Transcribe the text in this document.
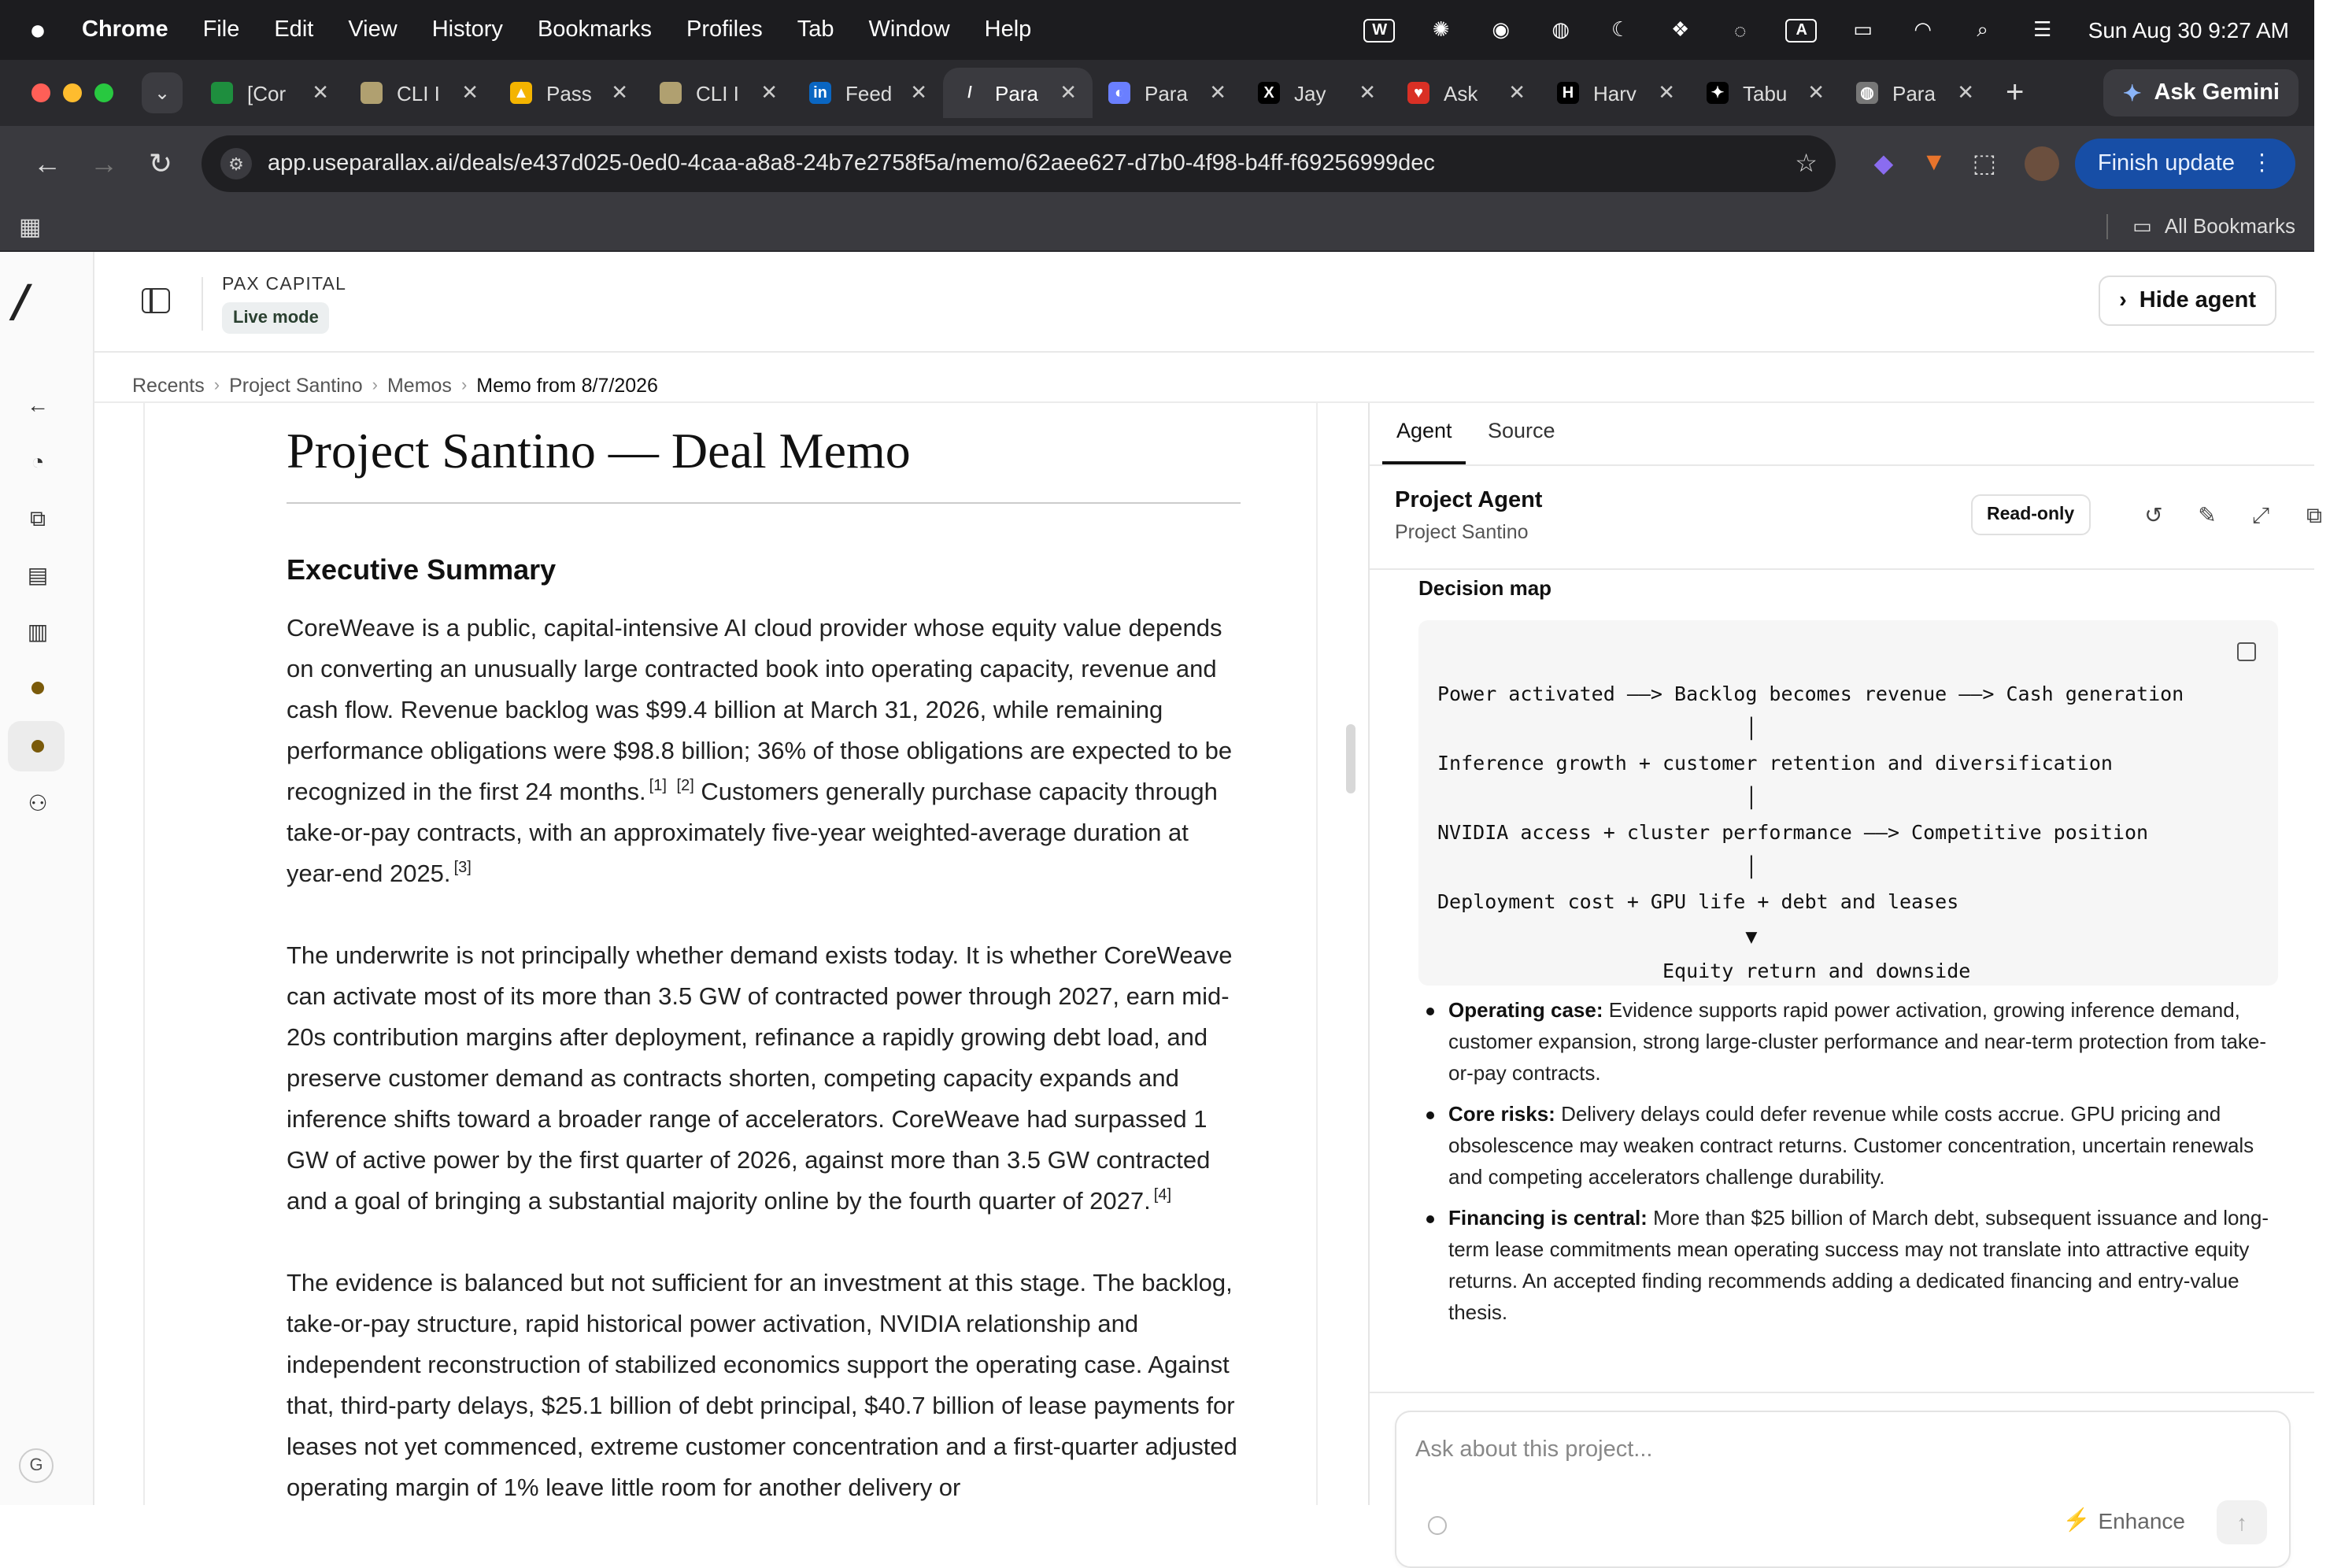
●	Chrome	File	Edit	View	History	Bookmarks	Profiles	Tab	Window	Help	W	✺	◉	◍	☾	❖	◌	A	▭	◠	⌕	☰	Sun Aug 30 9:27 AM
⌄	[Cor	✕	CLI I	✕	▲	Pass	✕	CLI I	✕	in	Feed	✕	/	Para	✕	◐	Para	✕	X	Jay	✕	♥	Ask	✕	H	Harv	✕	✦	Tabu	✕	◍	Para	✕ +	✦ Ask Gemini
←	→	↻	⚙	app.useparallax.ai/deals/e437d025-0ed0-4caa-a8a8-24b7e2758f5a/memo/62aee627-d7b0-4f98-b4ff-f69256999dec	☆	◆	▼	⬚	Finish update ⋮
▦	▭ All Bookmarks
/
←
◔
⧉
▤
▥
⚇
G
PAX CAPITAL
Live mode
› Hide agent
Recents › Project Santino › Memos › Memo from 8/7/2026
Project Santino — Deal Memo
Executive Summary

CoreWeave is a public, capital-intensive AI cloud provider whose equity value depends on converting an unusually large contracted book into operating capacity, revenue and cash flow. Revenue backlog was $99.4 billion at March 31, 2026, while remaining performance obligations were $98.8 billion; 36% of those obligations are expected to be recognized in the first 24 months. [1] [2] Customers generally purchase capacity through take-or-pay contracts, with an approximately five-year weighted-average duration at year-end 2025. [3]

The underwrite is not principally whether demand exists today. It is whether CoreWeave can activate most of its more than 3.5 GW of contracted power through 2027, earn mid-20s contribution margins after deployment, refinance a rapidly growing debt load, and preserve customer demand as contracts shorten, competing capacity expands and inference shifts toward a broader range of accelerators. CoreWeave had surpassed 1 GW of active power by the first quarter of 2026, against more than 3.5 GW contracted and a goal of bringing a substantial majority online by the fourth quarter of 2027. [4]

The evidence is balanced but not sufficient for an investment at this stage. The backlog, take-or-pay structure, rapid historical power activation, NVIDIA relationship and independent reconstruction of stabilized economics support the operating case. Against that, third-party delays, $25.1 billion of debt principal, $40.7 billion of lease payments for leases not yet commenced, extreme customer concentration and a first-quarter adjusted operating margin of 1% leave little room for another delivery or

Agent	Source
Project Agent
Project Santino
Read-only	↺	✎	⤢	⧉
Decision map
Power activated ——> Backlog becomes revenue ——> Cash generation
│
Inference growth + customer retention and diversification
│
NVIDIA access + cluster performance ——> Competitive position
│
Deployment cost + GPU life + debt and leases
▼
Equity return and downside
Operating case: Evidence supports rapid power activation, growing inference demand, customer expansion, strong large-cluster performance and near-term protection from take-or-pay contracts.
Core risks: Delivery delays could defer revenue while costs accrue. GPU pricing and obsolescence may weaken contract returns. Customer concentration, uncertain renewals and competing accelerators challenge durability.
Financing is central: More than $25 billion of March debt, subsequent issuance and long-term lease commitments mean operating success may not translate into attractive equity returns. An accepted finding recommends adding a dedicated financing and entry-value thesis.
Ask about this project...
⚡ Enhance	↑
